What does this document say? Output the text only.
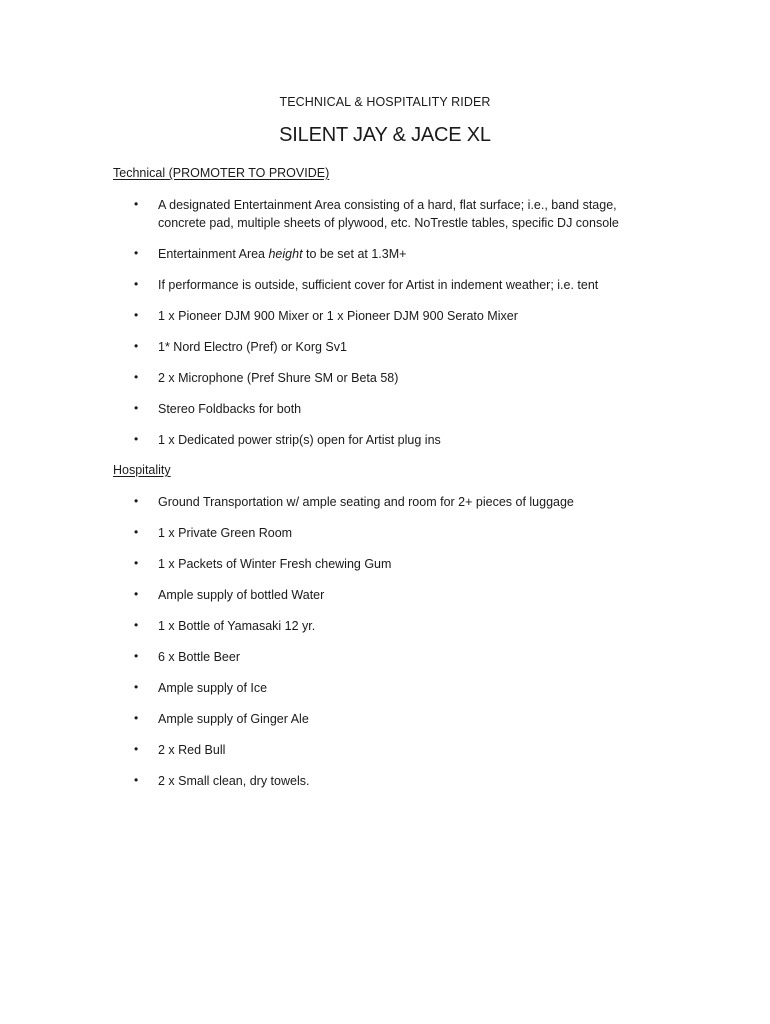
TECHNICAL & HOSPITALITY RIDER
SILENT JAY & JACE XL
Technical (PROMOTER TO PROVIDE)
• A designated Entertainment Area consisting of a hard, flat surface; i.e., band stage, concrete pad, multiple sheets of plywood, etc. NoTrestle tables, specific DJ console
• Entertainment Area height to be set at 1.3M+
• If performance is outside, sufficient cover for Artist in indement weather; i.e. tent
• 1 x Pioneer DJM 900 Mixer or 1 x Pioneer DJM 900 Serato Mixer
• 1* Nord Electro (Pref) or Korg Sv1
• 2 x Microphone (Pref Shure SM or Beta 58)
• Stereo Foldbacks for both
• 1 x Dedicated power strip(s) open for Artist plug ins
Hospitality
• Ground Transportation w/ ample seating and room for 2+ pieces of luggage
• 1 x Private Green Room
• 1 x Packets of Winter Fresh chewing Gum
• Ample supply of bottled Water
• 1 x Bottle of Yamasaki 12 yr.
• 6 x Bottle Beer
• Ample supply of Ice
• Ample supply of Ginger Ale
• 2 x Red Bull
• 2 x Small clean, dry towels.
